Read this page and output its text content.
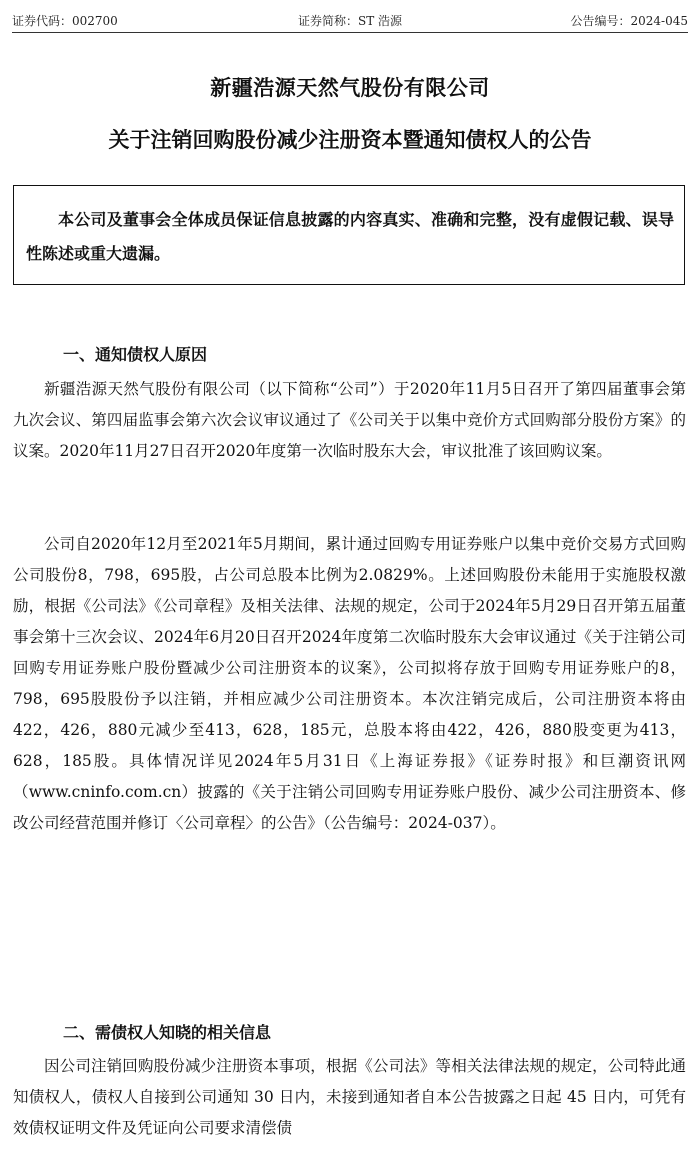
证券代码：002700	证券简称：ST 浩源	公告编号：2024-045
新疆浩源天然气股份有限公司
关于注销回购股份减少注册资本暨通知债权人的公告
本公司及董事会全体成员保证信息披露的内容真实、准确和完整，没有虚假记载、误导性陈述或重大遗漏。
一、通知债权人原因

新疆浩源天然气股份有限公司（以下简称“公司”）于2020年11月5日召开了第四届董事会第九次会议、第四届监事会第六次会议审议通过了《公司关于以集中竞价方式回购部分股份方案》的议案。2020年11月27日召开2020年度第一次临时股东大会，审议批准了该回购议案。

公司自2020年12月至2021年5月期间，累计通过回购专用证券账户以集中竞价交易方式回购公司股份8，798，695股，占公司总股本比例为2.0829%。上述回购股份未能用于实施股权激励，根据《公司法》《公司章程》及相关法律、法规的规定，公司于2024年5月29日召开第五届董事会第十三次会议、2024年6月20日召开2024年度第二次临时股东大会审议通过《关于注销公司回购专用证券账户股份暨减少公司注册资本的议案》，公司拟将存放于回购专用证券账户的8，798，695股股份予以注销，并相应减少公司注册资本。本次注销完成后，公司注册资本将由422，426，880元减少至413，628，185元，总股本将由422，426，880股变更为413，628，185股。具体情况详见2024年5月31日《上海证券报》《证券时报》和巨潮资讯网（www.cninfo.com.cn）披露的《关于注销公司回购专用证券账户股份、减少公司注册资本、修改公司经营范围并修订〈公司章程〉的公告》（公告编号：2024-037）。

二、需债权人知晓的相关信息

因公司注销回购股份减少注册资本事项，根据《公司法》等相关法律法规的规定，公司特此通知债权人，债权人自接到公司通知 30 日内，未接到通知者自本公告披露之日起 45 日内，可凭有效债权证明文件及凭证向公司要求清偿债
